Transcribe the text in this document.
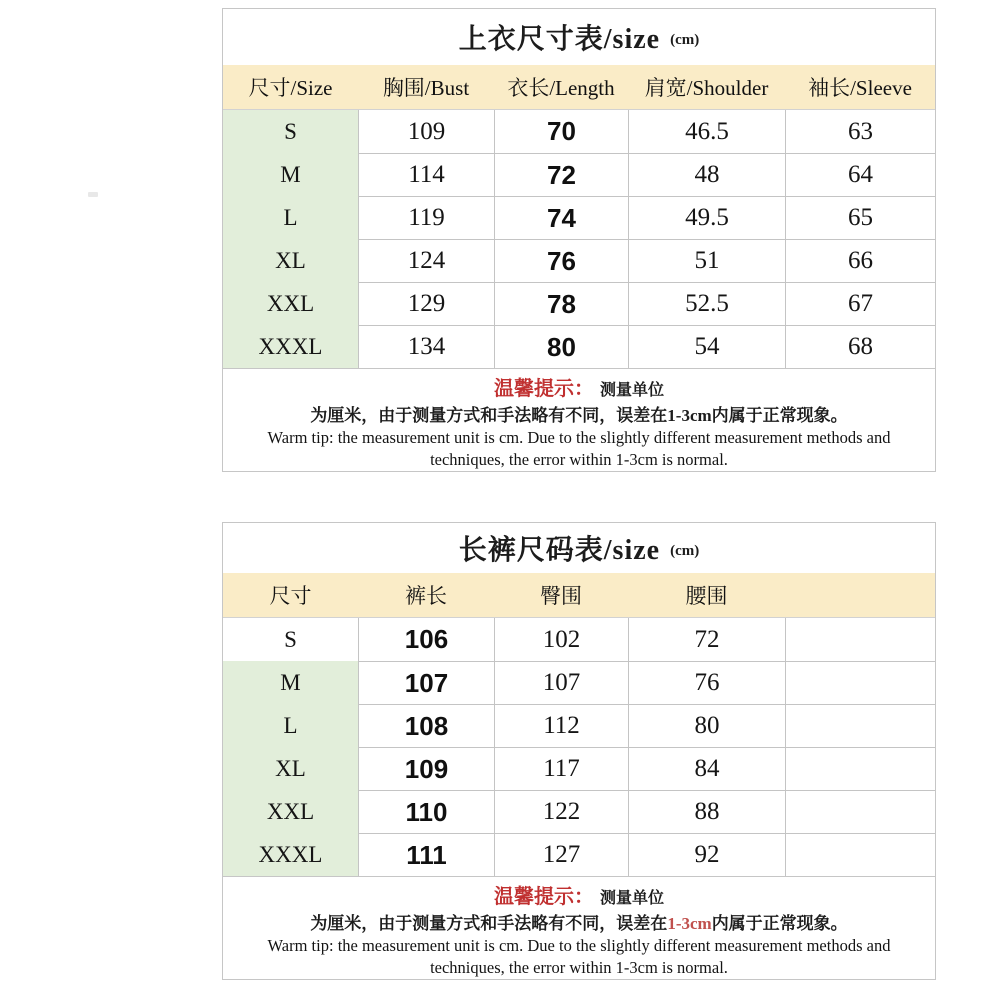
上衣尺寸表/size (cm)
尺寸/Size	胸围/Bust	衣长/Length	肩宽/Shoulder	袖长/Sleeve
S	109	70	46.5	63
M	114	72	48	64
L	119	74	49.5	65
XL	124	76	51	66
XXL	129	78	52.5	67
XXXL	134	80	54	68
温馨提示： 测量单位
为厘米，由于测量方式和手法略有不同，误差在1-3cm内属于正常现象。
Warm tip: the measurement unit is cm. Due to the slightly different measurement methods and
techniques, the error within 1-3cm is normal.
长裤尺码表/size (cm)
尺寸	裤长	臀围	腰围
S	106	102	72
M	107	107	76
L	108	112	80
XL	109	117	84
XXL	110	122	88
XXXL	111	127	92
温馨提示： 测量单位
为厘米，由于测量方式和手法略有不同，误差在1-3cm内属于正常现象。
Warm tip: the measurement unit is cm. Due to the slightly different measurement methods and
techniques, the error within 1-3cm is normal.
